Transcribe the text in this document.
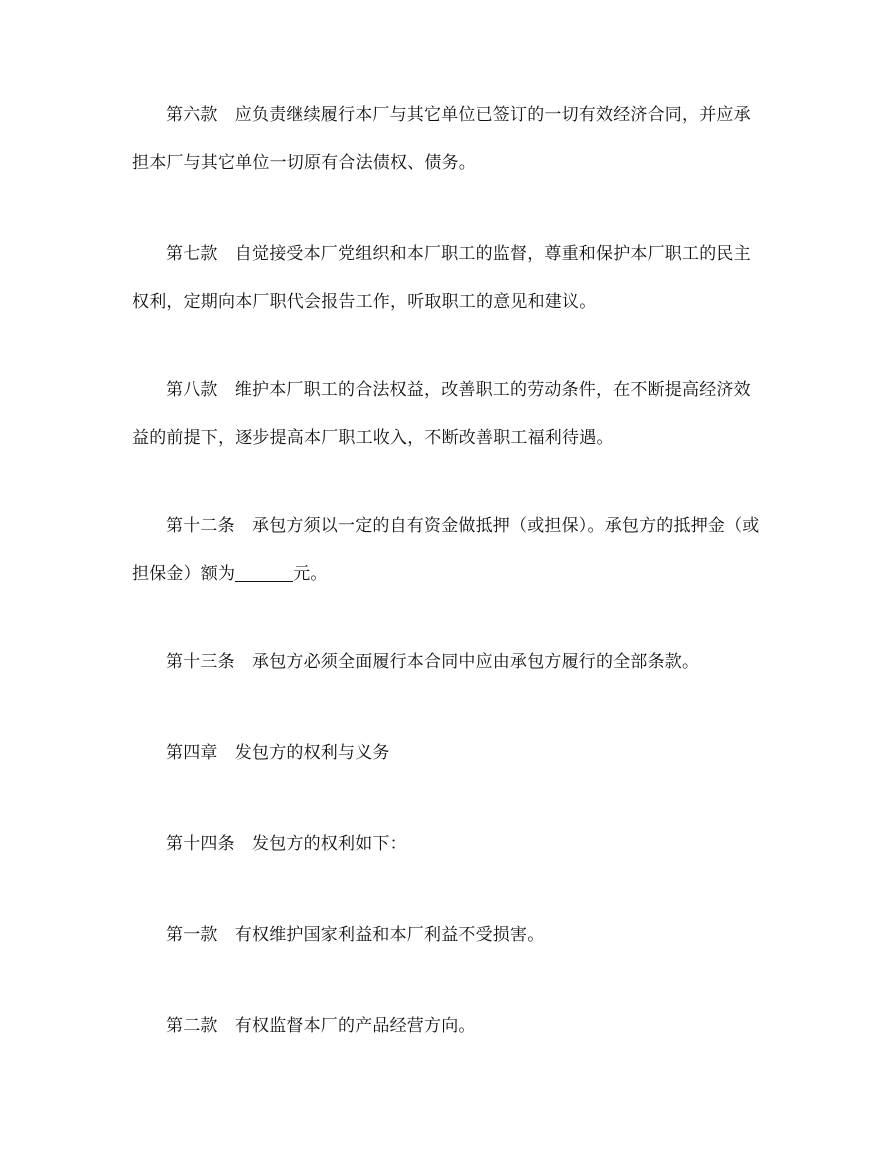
第六款　应负责继续履行本厂与其它单位已签订的一切有效经济合同，并应承
担本厂与其它单位一切原有合法债权、债务。

第七款　自觉接受本厂党组织和本厂职工的监督，尊重和保护本厂职工的民主
权利，定期向本厂职代会报告工作，听取职工的意见和建议。

第八款　维护本厂职工的合法权益，改善职工的劳动条件，在不断提高经济效
益的前提下，逐步提高本厂职工收入，不断改善职工福利待遇。

第十二条　承包方须以一定的自有资金做抵押（或担保）。承包方的抵押金（或
担保金）额为	元。

第十三条　承包方必须全面履行本合同中应由承包方履行的全部条款。

第四章　发包方的权利与义务

第十四条　发包方的权利如下：

第一款　有权维护国家利益和本厂利益不受损害。

第二款　有权监督本厂的产品经营方向。
